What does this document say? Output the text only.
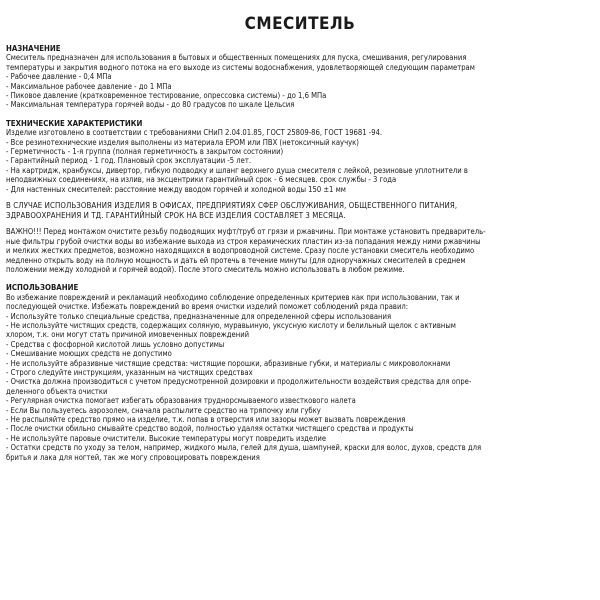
СМЕСИТЕЛЬ
НАЗНАЧЕНИЕ
Смеситель предназначен для использования в бытовых и общественных помещениях для пуска, смешивания, регулирования
температуры и закрытия водного потока на его выходе из системы водоснабжения, удовлетворяющей следующим параметрам
- Рабочее давление - 0,4 МПа
- Максимальное рабочее давление - до 1 МПа
- Пиковое давление (кратковременное тестирование, опрессовка системы) - до 1,6 МПа
- Максимальная температура горячей воды - до 80 градусов по шкале Цельсия
ТЕХНИЧЕСКИЕ ХАРАКТЕРИСТИКИ
Изделие изготовлено в соответствии с требованиями СНиП 2.04.01.85, ГОСТ 25809-86, ГОСТ 19681 -94.
- Все резинотехнические изделия выполнены из материала EPOM или ПВХ (нетоксичный каучук)
- Герметичность - 1-я группа (полная герметичность в закрытом состоянии)
- Гарантийный период - 1 год. Плановый срок эксплуатации -5 лет.
- На картридж, кранбуксы, дивертор, гибкую подводку и шланг верхнего душа смесителя с лейкой, резиновые уплотнители в
неподвижных соединениях, на излив, на эксцентрики гарантийный срок - 6 месяцев. срок службы - 3 года
- Для настенных смесителей: расстояние между вводом горячей и холодной воды 150 ±1 мм
В СЛУЧАЕ ИСПОЛЬЗОВАНИЯ ИЗДЕЛИЯ В ОФИСАХ, ПРЕДПРИЯТИЯХ СФЕР ОБСЛУЖИВАНИЯ, ОБЩЕСТВЕННОГО ПИТАНИЯ,
ЗДРАВООХРАНЕНИЯ И ТД. ГАРАНТИЙНЫЙ СРОК НА ВСЕ ИЗДЕЛИЯ СОСТАВЛЯЕТ 3 МЕСЯЦА.
ВАЖНО!!! Перед монтажом очистите резьбу подводящих муфт/труб от грязи и ржавчины. При монтаже установить предваритель-
ные фильтры грубой очистки воды во избежание выхода из строя керамических пластин из-за попадания между ними ржавчины
и мелких жестких предметов, возможно находящихся в водопроводной системе. Сразу после установки смеситель необходимо
медленно открыть воду на полную мощность и дать ей протечь в течение минуты (для одноручажных смесителей в среднем
положении между холодной и горячей водой). После этого смеситель можно использовать в любом режиме.
ИСПОЛЬЗОВАНИЕ
Во избежание повреждений и рекламаций необходимо соблюдение определенных критериев как при использовании, так и
последующей очистке. Избежать повреждений во время очистки изделий поможет соблюдений ряда правил:
- Используйте только специальные средства, предназначенные для определенной сферы использования
- Не используйте чистящих средств, содержащих соляную, муравьиную, уксусную кислоту и белильный щелок с активным
хлором, т.к. они могут стать причиной имовеченных повреждений
- Средства с фосфорной кислотой лишь условно допустимы
- Смешивание моющих средств не допустимо
- Не используйте абразивные чистящие средства: чистящие порошки, абразивные губки, и материалы с микроволокнами
- Строго следуйте инструкциям, указанным на чистящих средствах
- Очистка должна производиться с учетом предусмотренной дозировки и продолжительности воздействия средства для опре-
деленного объекта очистки
- Регулярная очистка помогает избегать образования труднорсмываемого известкового налета
- Если Вы пользуетесь аэрозолем, сначала распылите средство на тряпочку или губку
- Не распыляйте средство прямо на изделие, т.к. попав в отверстия или зазоры может вызвать повреждения
- После очистки обильно смывайте средство водой, полностью удаляя остатки чистящего средства и продукты
- Не используйте паровые очистители. Высокие температуры могут повредить изделие
- Остатки средств по уходу за телом, например, жидкого мыла, гелей для душа, шампуней, краски для волос, духов, средств для
бритья и лака для ногтей, так же могу спровоцировать повреждения
